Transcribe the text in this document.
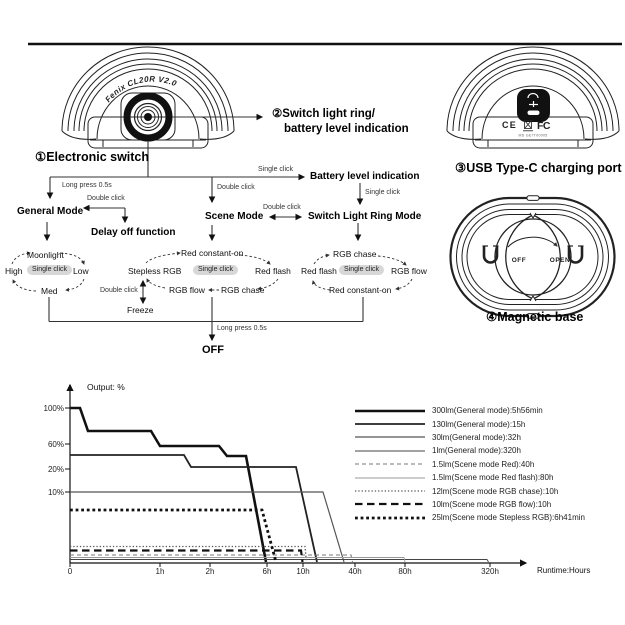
Fenix CL20R V2.0
CE FC
MD GE7T00005
OFF	OPEN
①Electronic switch
②Switch light ring/
battery level indication
③USB Type-C charging port
④Magnetic base
Long press 0.5s
Double click
Single click
Double click
Double click
Single click
Double click
Long press 0.5s
General Mode
Delay off function
Battery level indication
Scene Mode	Switch Light Ring Mode
OFF
Freeze
Moonlight
High	Single click Low
Med
Red constant-on
Stepless RGB	Single click	Red flash
RGB flow RGB chase
RGB chase
Red flash	Single click	RGB flow
Red constant-on
Output: %
Runtime:Hours
0	1h	2h	6h	10h	40h	80h	320h
100%
60%
20%
10%
300lm(General mode):5h56min
130lm(General mode):15h
30lm(General mode):32h
1lm(General mode):320h
1.5lm(Scene mode Red):40h
1.5lm(Scene mode Red flash):80h
12lm(Scene mode RGB chase):10h
10lm(Scene mode RGB flow):10h
25lm(Scene mode Stepless RGB):6h41min
